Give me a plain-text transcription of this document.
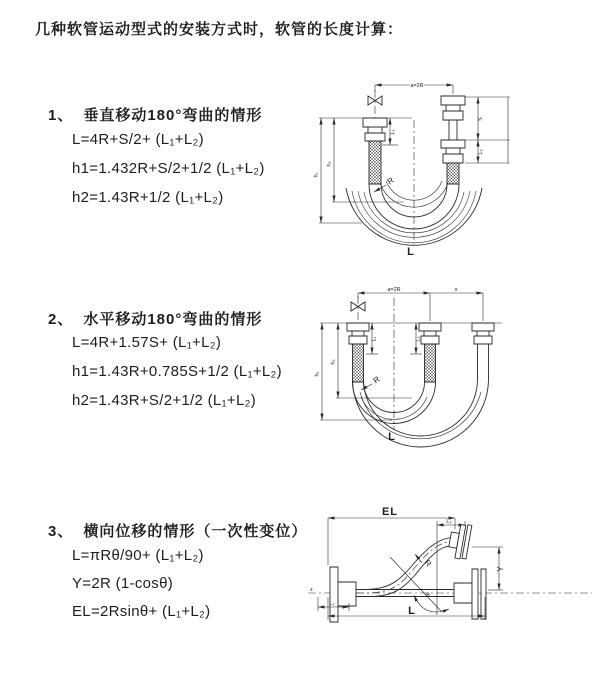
几种软管运动型式的安装方式时，软管的长度计算：
1、 垂直移动180°弯曲的情形
L=4R+S/2+ (L₁+L₂)
h1=1.432R+S/2+1/2 (L₁+L₂)
h2=1.43R+1/2 (L₁+L₂)
2、 水平移动180°弯曲的情形
L=4R+1.57S+ (L₁+L₂)
h1=1.43R+0.785S+1/2 (L₁+L₂)
h2=1.43R+S/2+1/2 (L₁+L₂)
3、 横向位移的情形（一次性变位）
L=πRθ/90+ (L₁+L₂)
Y=2R (1-cosθ)
EL=2Rsinθ+ (L₁+L₂)
a=2R
h₁
h₂
L₁
S
L₂
R
L
a=2R	s
L₁	L₂
h₁
h₂
R
L
z
EL
L₂
R
θ
Y
L₁
L
